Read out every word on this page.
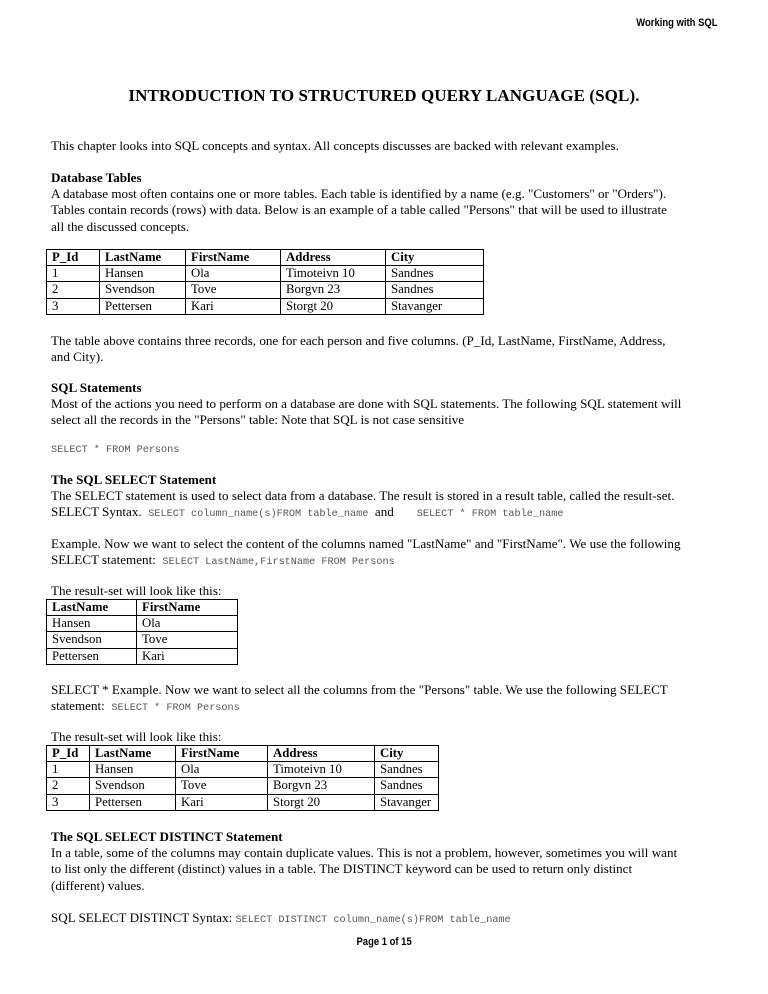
Working with SQL
INTRODUCTION TO STRUCTURED QUERY LANGUAGE (SQL).
This chapter looks into SQL concepts and syntax. All concepts discusses are backed with relevant examples.
Database Tables
A database most often contains one or more tables. Each table is identified by a name (e.g. "Customers" or "Orders").
Tables contain records (rows) with data. Below is an example of a table called "Persons" that will be used to illustrate
all the discussed concepts.
P_Id	LastName	FirstName	Address	City
1	Hansen	Ola	Timoteivn 10	Sandnes
2	Svendson	Tove	Borgvn 23	Sandnes
3	Pettersen	Kari	Storgt 20	Stavanger
The table above contains three records, one for each person and five columns. (P_Id, LastName, FirstName, Address,
and City).
SQL Statements
Most of the actions you need to perform on a database are done with SQL statements. The following SQL statement will
select all the records in the "Persons" table: Note that SQL is not case sensitive
SELECT * FROM Persons
The SQL SELECT Statement
The SELECT statement is used to select data from a database. The result is stored in a result table, called the result-set.
SELECT Syntax. SELECT column_name(s)FROM table_name and SELECT * FROM table_name
Example. Now we want to select the content of the columns named "LastName" and "FirstName". We use the following
SELECT statement: SELECT LastName,FirstName FROM Persons
The result-set will look like this:
LastName	FirstName
Hansen	Ola
Svendson	Tove
Pettersen	Kari
SELECT * Example. Now we want to select all the columns from the "Persons" table. We use the following SELECT
statement: SELECT * FROM Persons
The result-set will look like this:
P_Id	LastName	FirstName	Address	City
1	Hansen	Ola	Timoteivn 10	Sandnes
2	Svendson	Tove	Borgvn 23	Sandnes
3	Pettersen	Kari	Storgt 20	Stavanger
The SQL SELECT DISTINCT Statement
In a table, some of the columns may contain duplicate values. This is not a problem, however, sometimes you will want
to list only the different (distinct) values in a table. The DISTINCT keyword can be used to return only distinct
(different) values.
SQL SELECT DISTINCT Syntax: SELECT DISTINCT column_name(s)FROM table_name
Page 1 of 15
